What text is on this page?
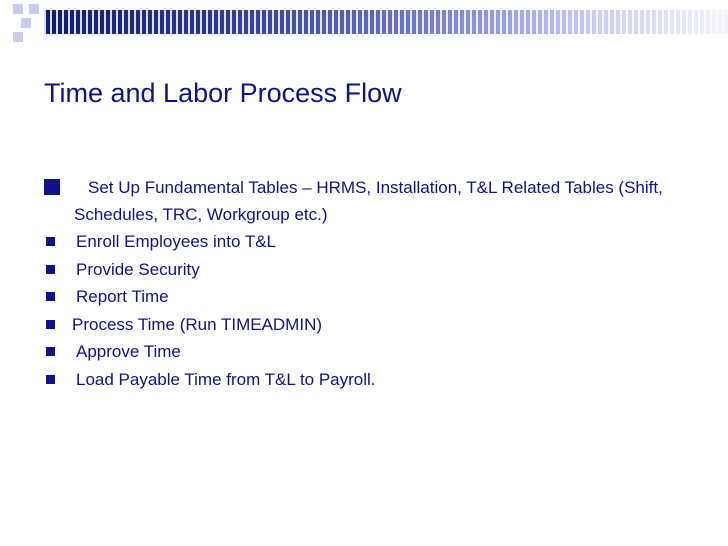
Time and Labor Process Flow
Set Up Fundamental Tables – HRMS, Installation, T&L Related Tables (Shift, Schedules, TRC, Workgroup etc.)
Enroll Employees into T&L
Provide Security
Report Time
Process Time (Run TIMEADMIN)
Approve Time
Load Payable Time from T&L to Payroll.
